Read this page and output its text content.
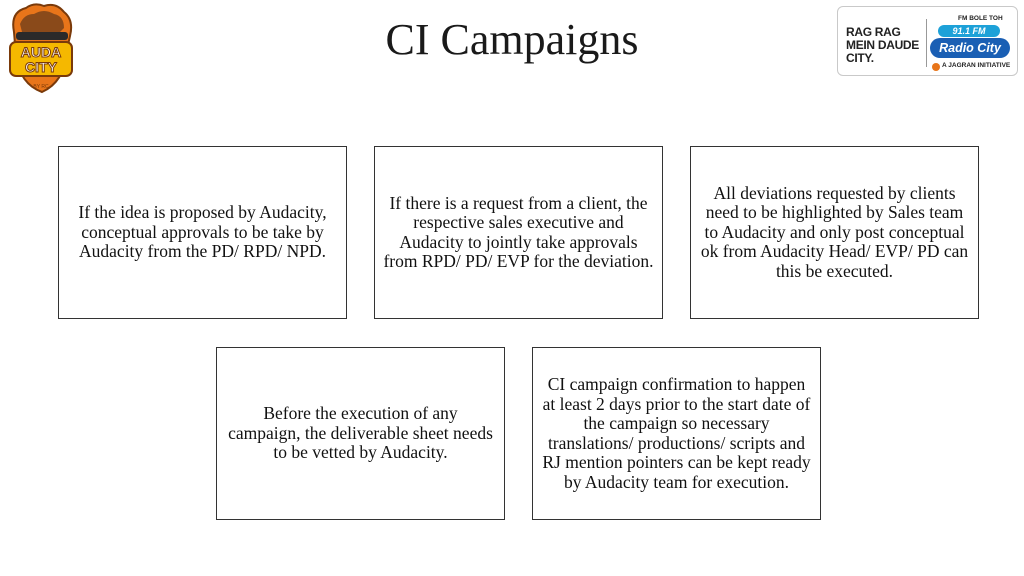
AUDA
CITY
BY RC
CI Campaigns	RAG RAG MEIN DAUDE CITY.
FM BOLE TOH
91.1 FM
Radio City
A JAGRAN INITIATIVE
If the idea is proposed by Audacity, conceptual approvals to be take by Audacity from the PD/ RPD/ NPD.
If there is a request from a client, the respective sales executive and Audacity to jointly take approvals from RPD/ PD/ EVP for the deviation.
All deviations requested by clients need to be highlighted by Sales team to Audacity and only post conceptual ok from Audacity Head/ EVP/ PD can this be executed.
Before the execution of any campaign, the deliverable sheet needs to be vetted by Audacity.
CI campaign confirmation to happen at least 2 days prior to the start date of the campaign so necessary translations/ productions/ scripts and RJ mention pointers can be kept ready by Audacity team for execution.
